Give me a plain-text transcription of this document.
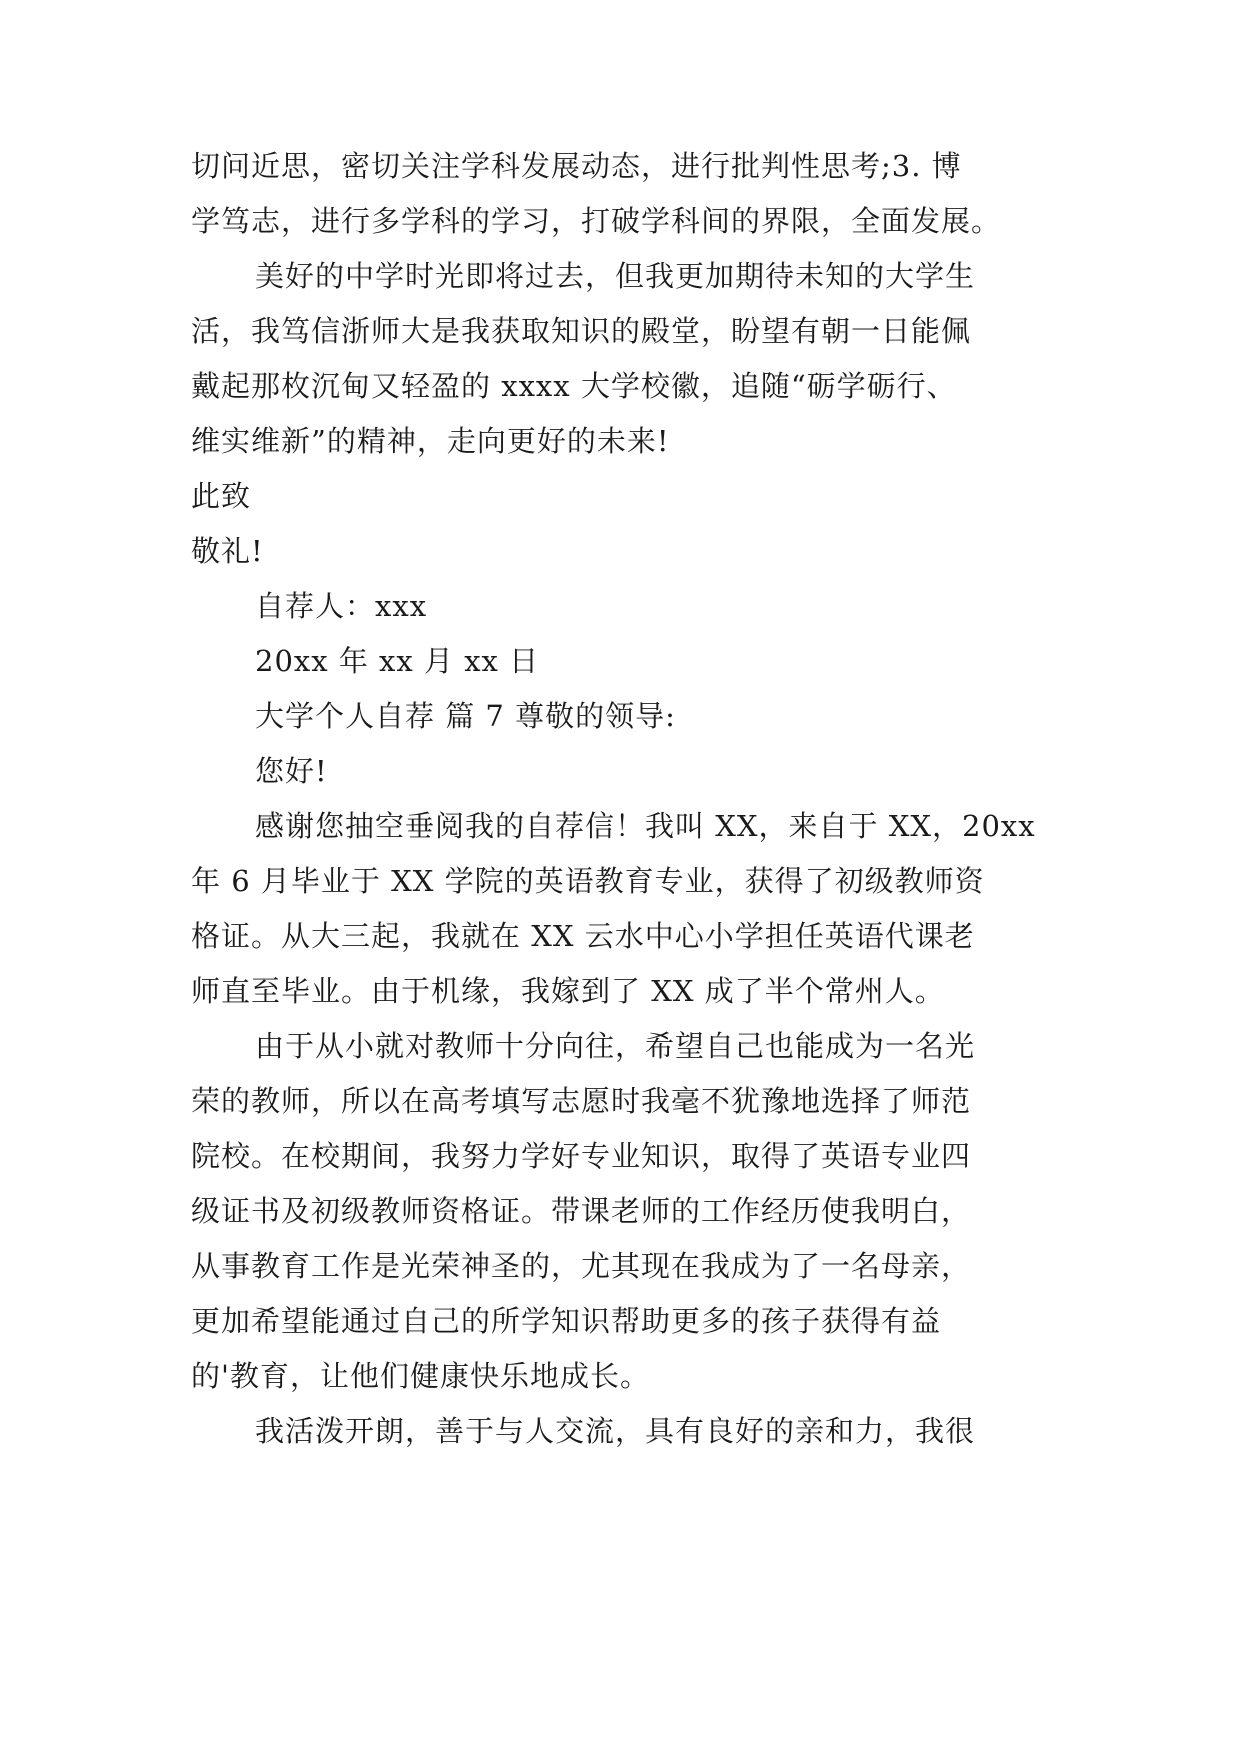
切问近思，密切关注学科发展动态，进行批判性思考;3. 博
学笃志，进行多学科的学习，打破学科间的界限，全面发展。
美好的中学时光即将过去，但我更加期待未知的大学生
活，我笃信浙师大是我获取知识的殿堂，盼望有朝一日能佩
戴起那枚沉甸又轻盈的 xxxx 大学校徽，追随“砺学砺行、
维实维新”的精神，走向更好的未来!
此致
敬礼!
自荐人：xxx
20xx 年 xx 月 xx 日
大学个人自荐 篇 7 尊敬的领导:
您好!
感谢您抽空垂阅我的自荐信！我叫 XX，来自于 XX，20xx
年 6 月毕业于 XX 学院的英语教育专业，获得了初级教师资
格证。从大三起，我就在 XX 云水中心小学担任英语代课老
师直至毕业。由于机缘，我嫁到了 XX 成了半个常州人。
由于从小就对教师十分向往，希望自己也能成为一名光
荣的教师，所以在高考填写志愿时我毫不犹豫地选择了师范
院校。在校期间，我努力学好专业知识，取得了英语专业四
级证书及初级教师资格证。带课老师的工作经历使我明白，
从事教育工作是光荣神圣的，尤其现在我成为了一名母亲，
更加希望能通过自己的所学知识帮助更多的孩子获得有益
的'教育，让他们健康快乐地成长。
我活泼开朗，善于与人交流，具有良好的亲和力，我很
